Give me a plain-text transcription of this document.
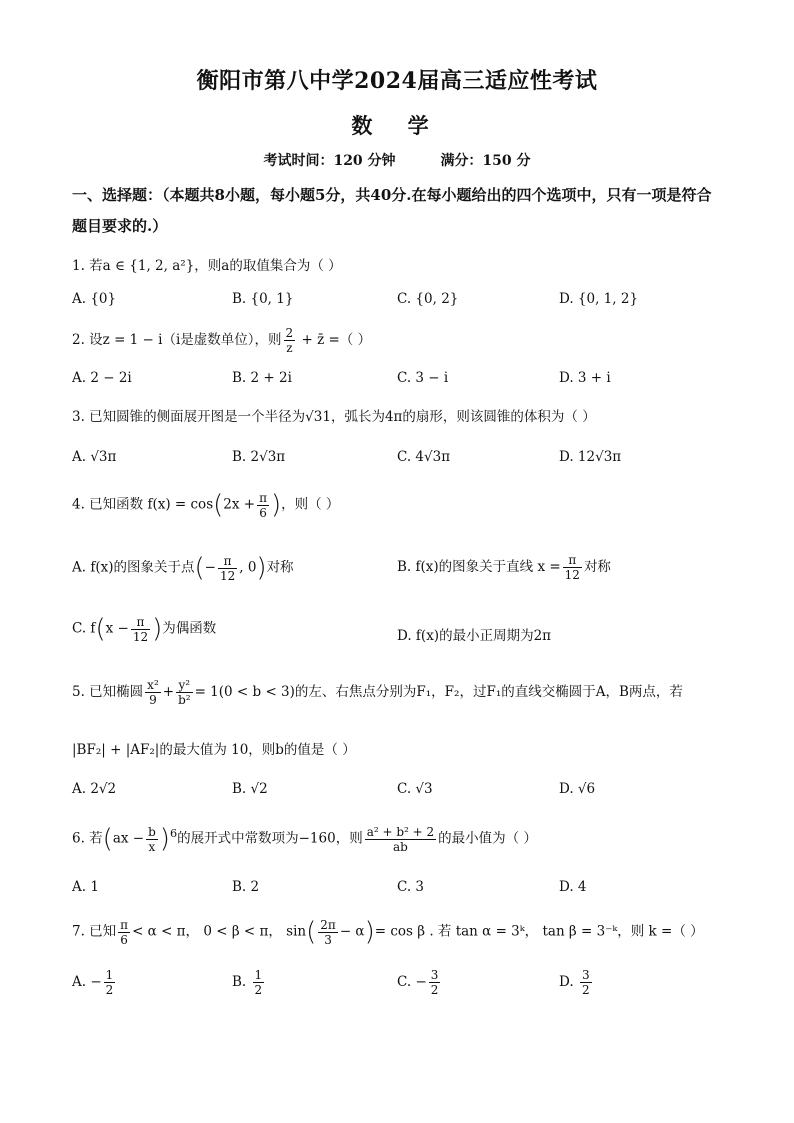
衡阳市第八中学2024届高三适应性考试
数 学
考试时间：120 分钟	满分：150 分
一、选择题：（本题共8小题，每小题5分，共40分.在每小题给出的四个选项中，只有一项是符合题目要求的.）
1. 若a ∈ {1, 2, a²}，则a的取值集合为（ ）
A. {0}	B. {0, 1}	C. {0, 2}	D. {0, 1, 2}
2. 设z = 1 − i（i是虚数单位），则 $\frac{2}{z}$ + z̄ =（ ）
A. 2 − 2i	B. 2 + 2i	C. 3 − i	D. 3 + i
3. 已知圆锥的侧面展开图是一个半径为√31，弧长为4π的扇形，则该圆锥的体积为（ ）
A. √3π	B. 2√3π	C. 4√3π	D. 12√3π
4. 已知函数 $f(x) = \cos(2x + \frac{\pi}{6}$ )，则（ ）
A. f(x)的图象关于点(− $\frac{\pi}{12}$ , 0)对称	B. f(x)的图象关于直线 $x = \frac{\pi}{12}$ 对称
C. $f(x - \frac{\pi}{12}$ )为偶函数	D. f(x)的最小正周期为2π
5. 已知椭圆 $\frac{\text{x²}}{9} + \frac{\text{y²}}{\text{b²}} = 1(0 < b < 3)$的左、右焦点分别为F₁，F₂，过F₁的直线交椭圆于A，B两点，若
|BF₂| + |AF₂|的最大值为 10，则b的值是（ ）
A. 2√2	B. √2	C. √3	D. √6
6. 若$(ax - \frac{b}{x} )^6$的展开式中常数项为−160，则 $\frac{\text{a² + b² + 2}}{ab}$ 的最小值为（ ）
A. 1	B. 2	C. 3	D. 4
7. 已知 $\frac{\pi}{6} < \alpha < \pi$， 0 < β < π， $\sin( \frac{2\pi}{3} - \alpha)= \cos \beta$ . 若 tan α = 3ᵏ， tan β = 3⁻ᵏ，则 k =（ ）
A. − $\frac{1}{2}$	B. $\frac{1}{2}$	C. − $\frac{3}{2}$	D. $\frac{3}{2}$
